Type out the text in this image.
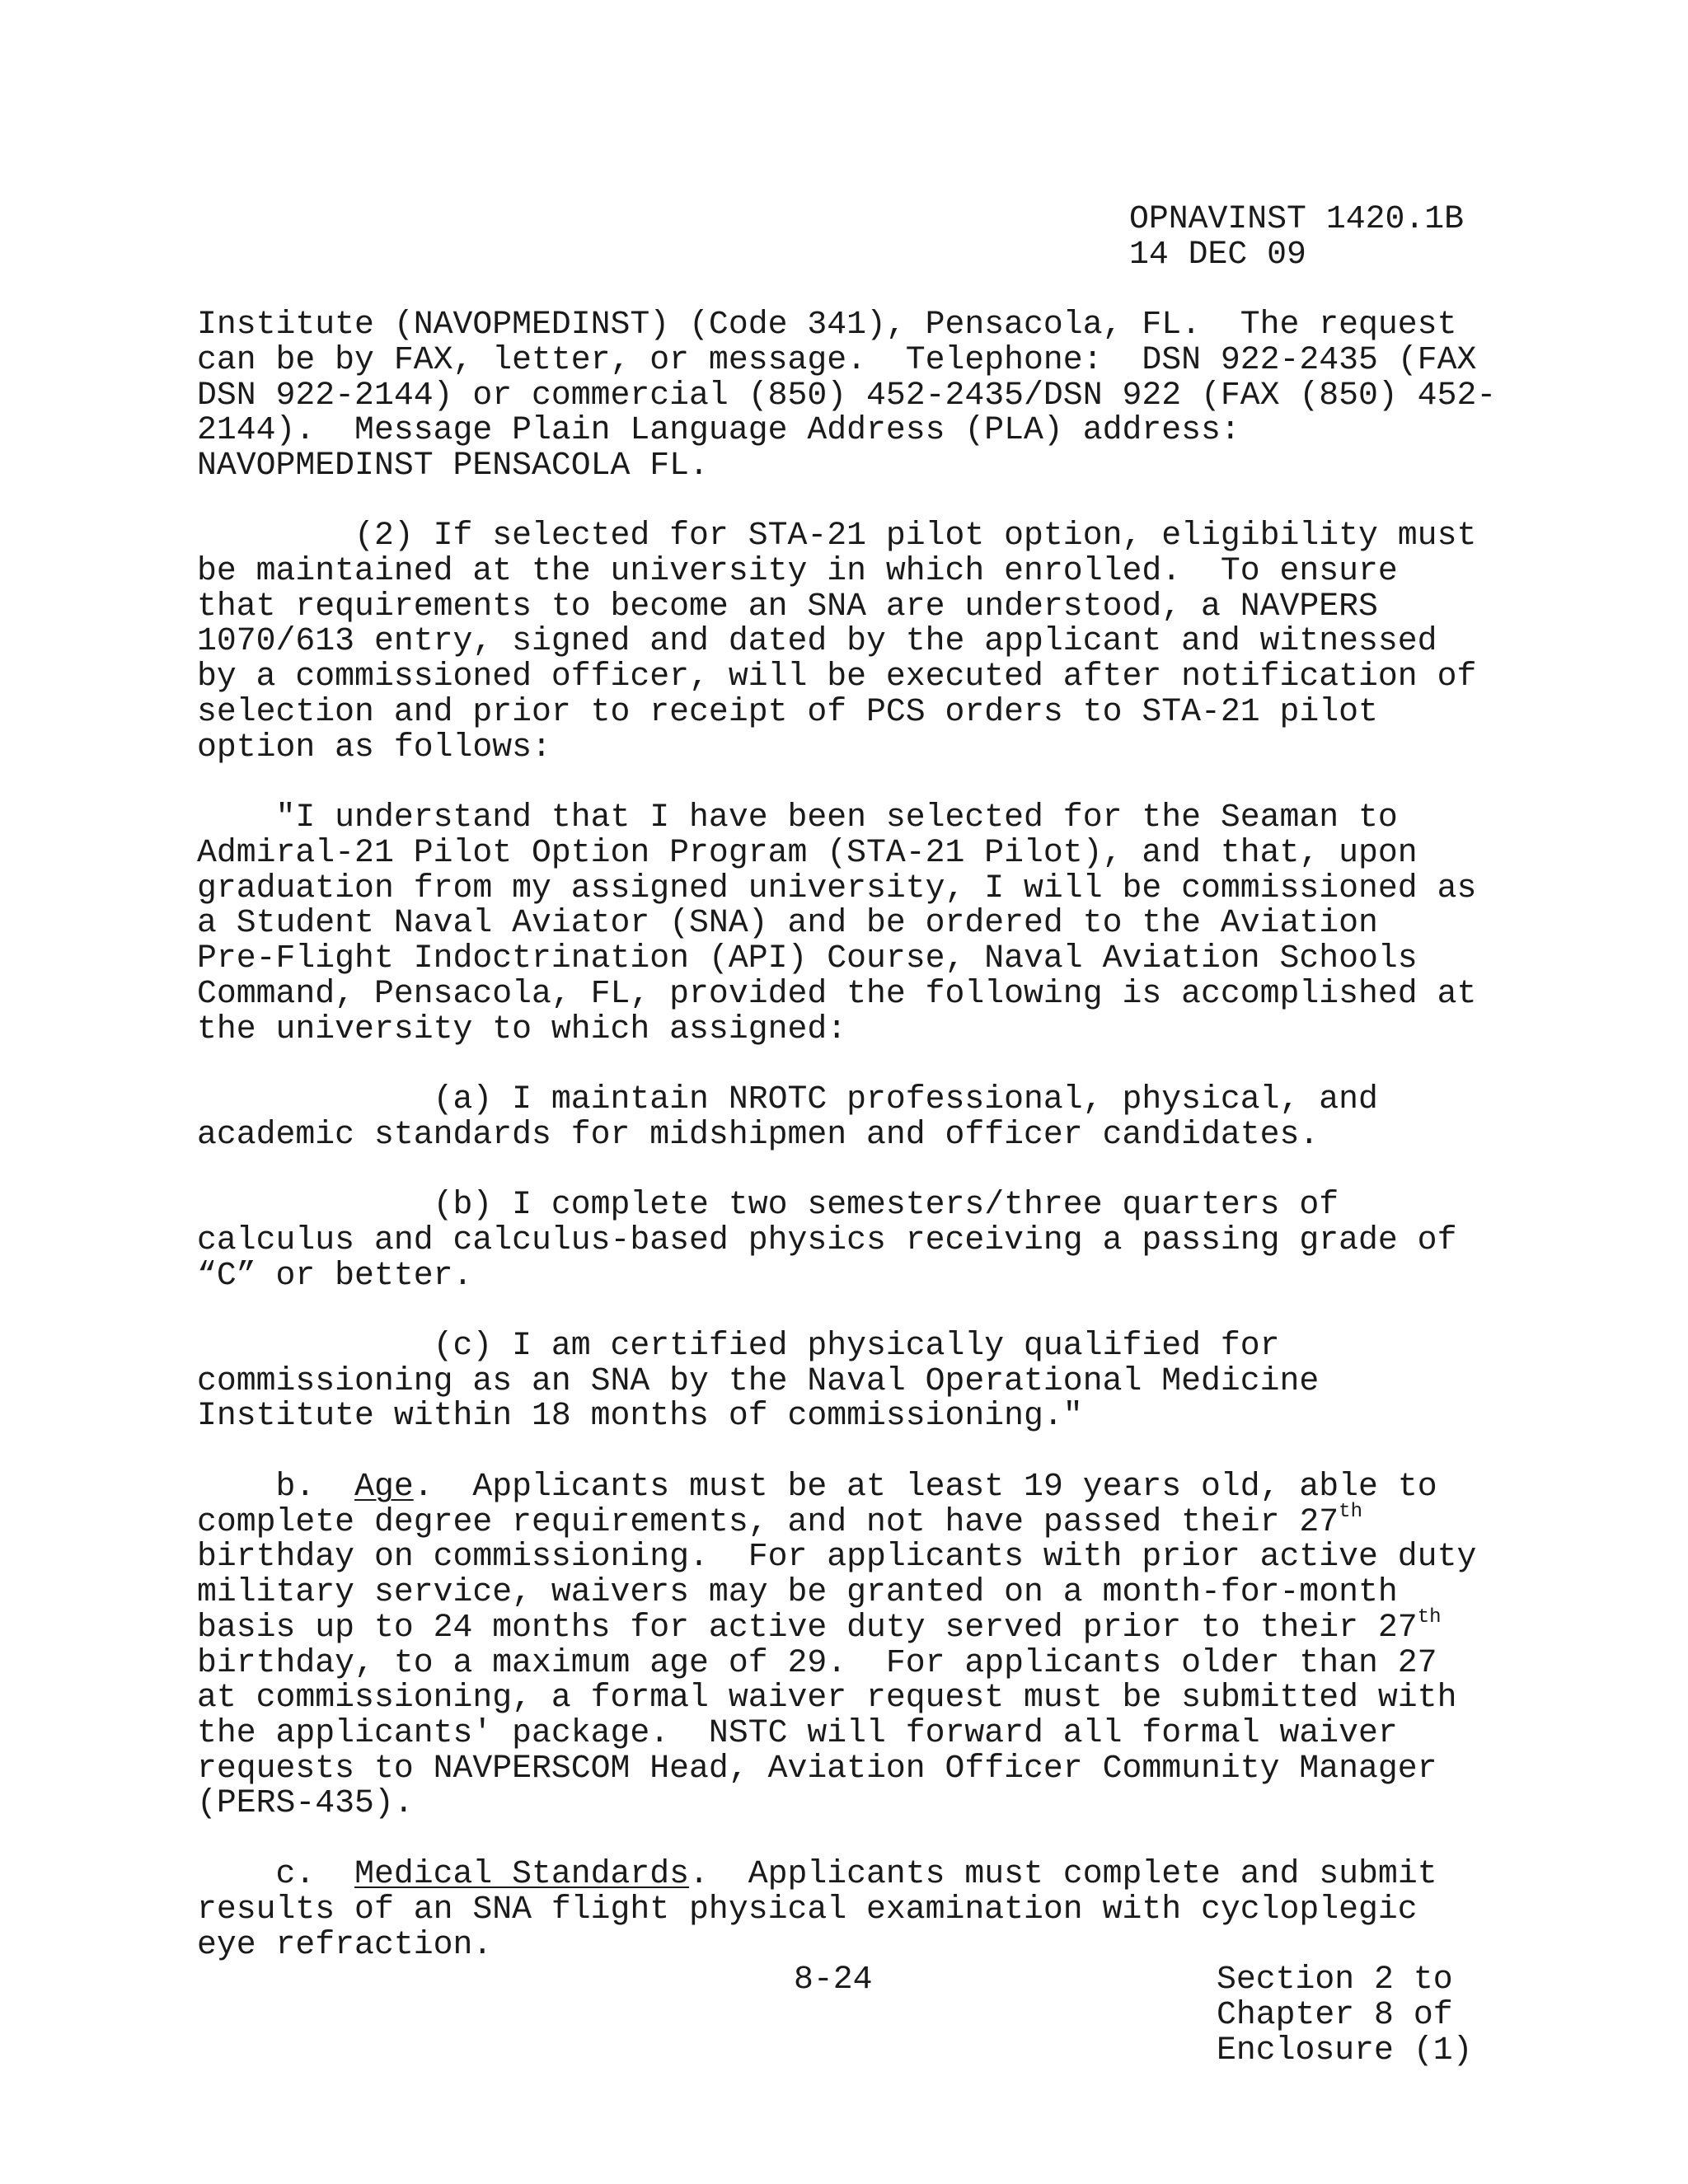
OPNAVINST 1420.1B
14 DEC 09
Institute (NAVOPMEDINST) (Code 341), Pensacola, FL.  The request
can be by FAX, letter, or message.  Telephone:  DSN 922-2435 (FAX
DSN 922-2144) or commercial (850) 452-2435/DSN 922 (FAX (850) 452-
2144).  Message Plain Language Address (PLA) address:
NAVOPMEDINST PENSACOLA FL.
(2) If selected for STA-21 pilot option, eligibility must
be maintained at the university in which enrolled.  To ensure
that requirements to become an SNA are understood, a NAVPERS
1070/613 entry, signed and dated by the applicant and witnessed
by a commissioned officer, will be executed after notification of
selection and prior to receipt of PCS orders to STA-21 pilot
option as follows:
"I understand that I have been selected for the Seaman to
Admiral-21 Pilot Option Program (STA-21 Pilot), and that, upon
graduation from my assigned university, I will be commissioned as
a Student Naval Aviator (SNA) and be ordered to the Aviation
Pre-Flight Indoctrination (API) Course, Naval Aviation Schools
Command, Pensacola, FL, provided the following is accomplished at
the university to which assigned:
(a) I maintain NROTC professional, physical, and
academic standards for midshipmen and officer candidates.
(b) I complete two semesters/three quarters of
calculus and calculus-based physics receiving a passing grade of
“C” or better.
(c) I am certified physically qualified for
commissioning as an SNA by the Naval Operational Medicine
Institute within 18 months of commissioning."
b.  Age.  Applicants must be at least 19 years old, able to
complete degree requirements, and not have passed their 27th
birthday on commissioning.  For applicants with prior active duty
military service, waivers may be granted on a month-for-month
basis up to 24 months for active duty served prior to their 27th
birthday, to a maximum age of 29.  For applicants older than 27
at commissioning, a formal waiver request must be submitted with
the applicants' package.  NSTC will forward all formal waiver
requests to NAVPERSCOM Head, Aviation Officer Community Manager
(PERS-435).
c.  Medical Standards.  Applicants must complete and submit
results of an SNA flight physical examination with cycloplegic
eye refraction.
8-24	Section 2 to
Chapter 8 of
Enclosure (1)
